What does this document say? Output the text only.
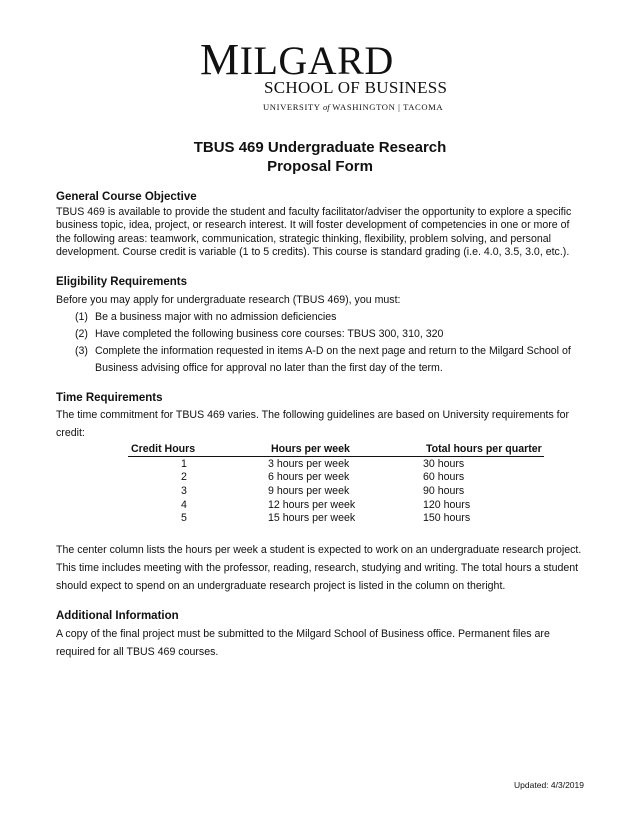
MILGARD
SCHOOL OF BUSINESS
UNIVERSITY of WASHINGTON | TACOMA
TBUS 469 Undergraduate Research
Proposal Form
General Course Objective
TBUS 469 is available to provide the student and faculty facilitator/adviser the opportunity to explore a specific business topic, idea, project, or research interest. It will foster development of competencies in one or more of the following areas: teamwork, communication, strategic thinking, flexibility, problem solving, and personal development. Course credit is variable (1 to 5 credits). This course is standard grading (i.e. 4.0, 3.5, 3.0, etc.).
Eligibility Requirements
Before you may apply for undergraduate research (TBUS 469), you must:
(1) Be a business major with no admission deficiencies
(2) Have completed the following business core courses: TBUS 300, 310, 320
(3) Complete the information requested in items A-D on the next page and return to the Milgard School of
Business advising office for approval no later than the first day of the term.
Time Requirements
The time commitment for TBUS 469 varies. The following guidelines are based on University requirements for credit:
Credit Hours	Hours per week	Total hours per quarter
1	3 hours per week	30 hours
2	6 hours per week	60 hours
3	9 hours per week	90 hours
4	12 hours per week	120 hours
5	15 hours per week	150 hours
The center column lists the hours per week a student is expected to work on an undergraduate research project. This time includes meeting with the professor, reading, research, studying and writing. The total hours a student should expect to spend on an undergraduate research project is listed in the column on theright.
Additional Information
A copy of the final project must be submitted to the Milgard School of Business office. Permanent files are required for all TBUS 469 courses.
Updated: 4/3/2019
